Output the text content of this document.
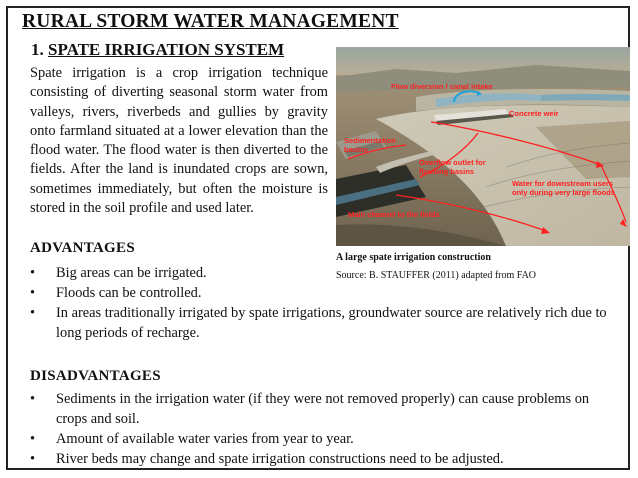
RURAL STORM WATER MANAGEMENT
1. SPATE IRRIGATION SYSTEM

Spate irrigation is a crop irrigation technique consisting of diverting seasonal storm water from valleys, rivers, riverbeds and gullies by gravity onto farmland situated at a lower elevation than the flood water. The flood water is then diverted to the fields. After the land is inundated crops are sown, sometimes immediately, but often the moisture is stored in the soil profile and used later.

Flow diversion / canal intake
Concrete weir
Sedimentation basins
Overflow outlet for flushing basins
Water for downstream users only during very large floods
Main channel to the fields

A large spate irrigation construction

Source: B. STAUFFER (2011) adapted from FAO

ADVANTAGES
• Big areas can be irrigated.
• Floods can be controlled.
• In areas traditionally irrigated by spate irrigations, groundwater source are relatively rich due to long periods of recharge.
DISADVANTAGES
• Sediments in the irrigation water (if they were not removed properly) can cause problems on crops and soil.
• Amount of available water varies from year to year.
• River beds may change and spate irrigation constructions need to be adjusted.
